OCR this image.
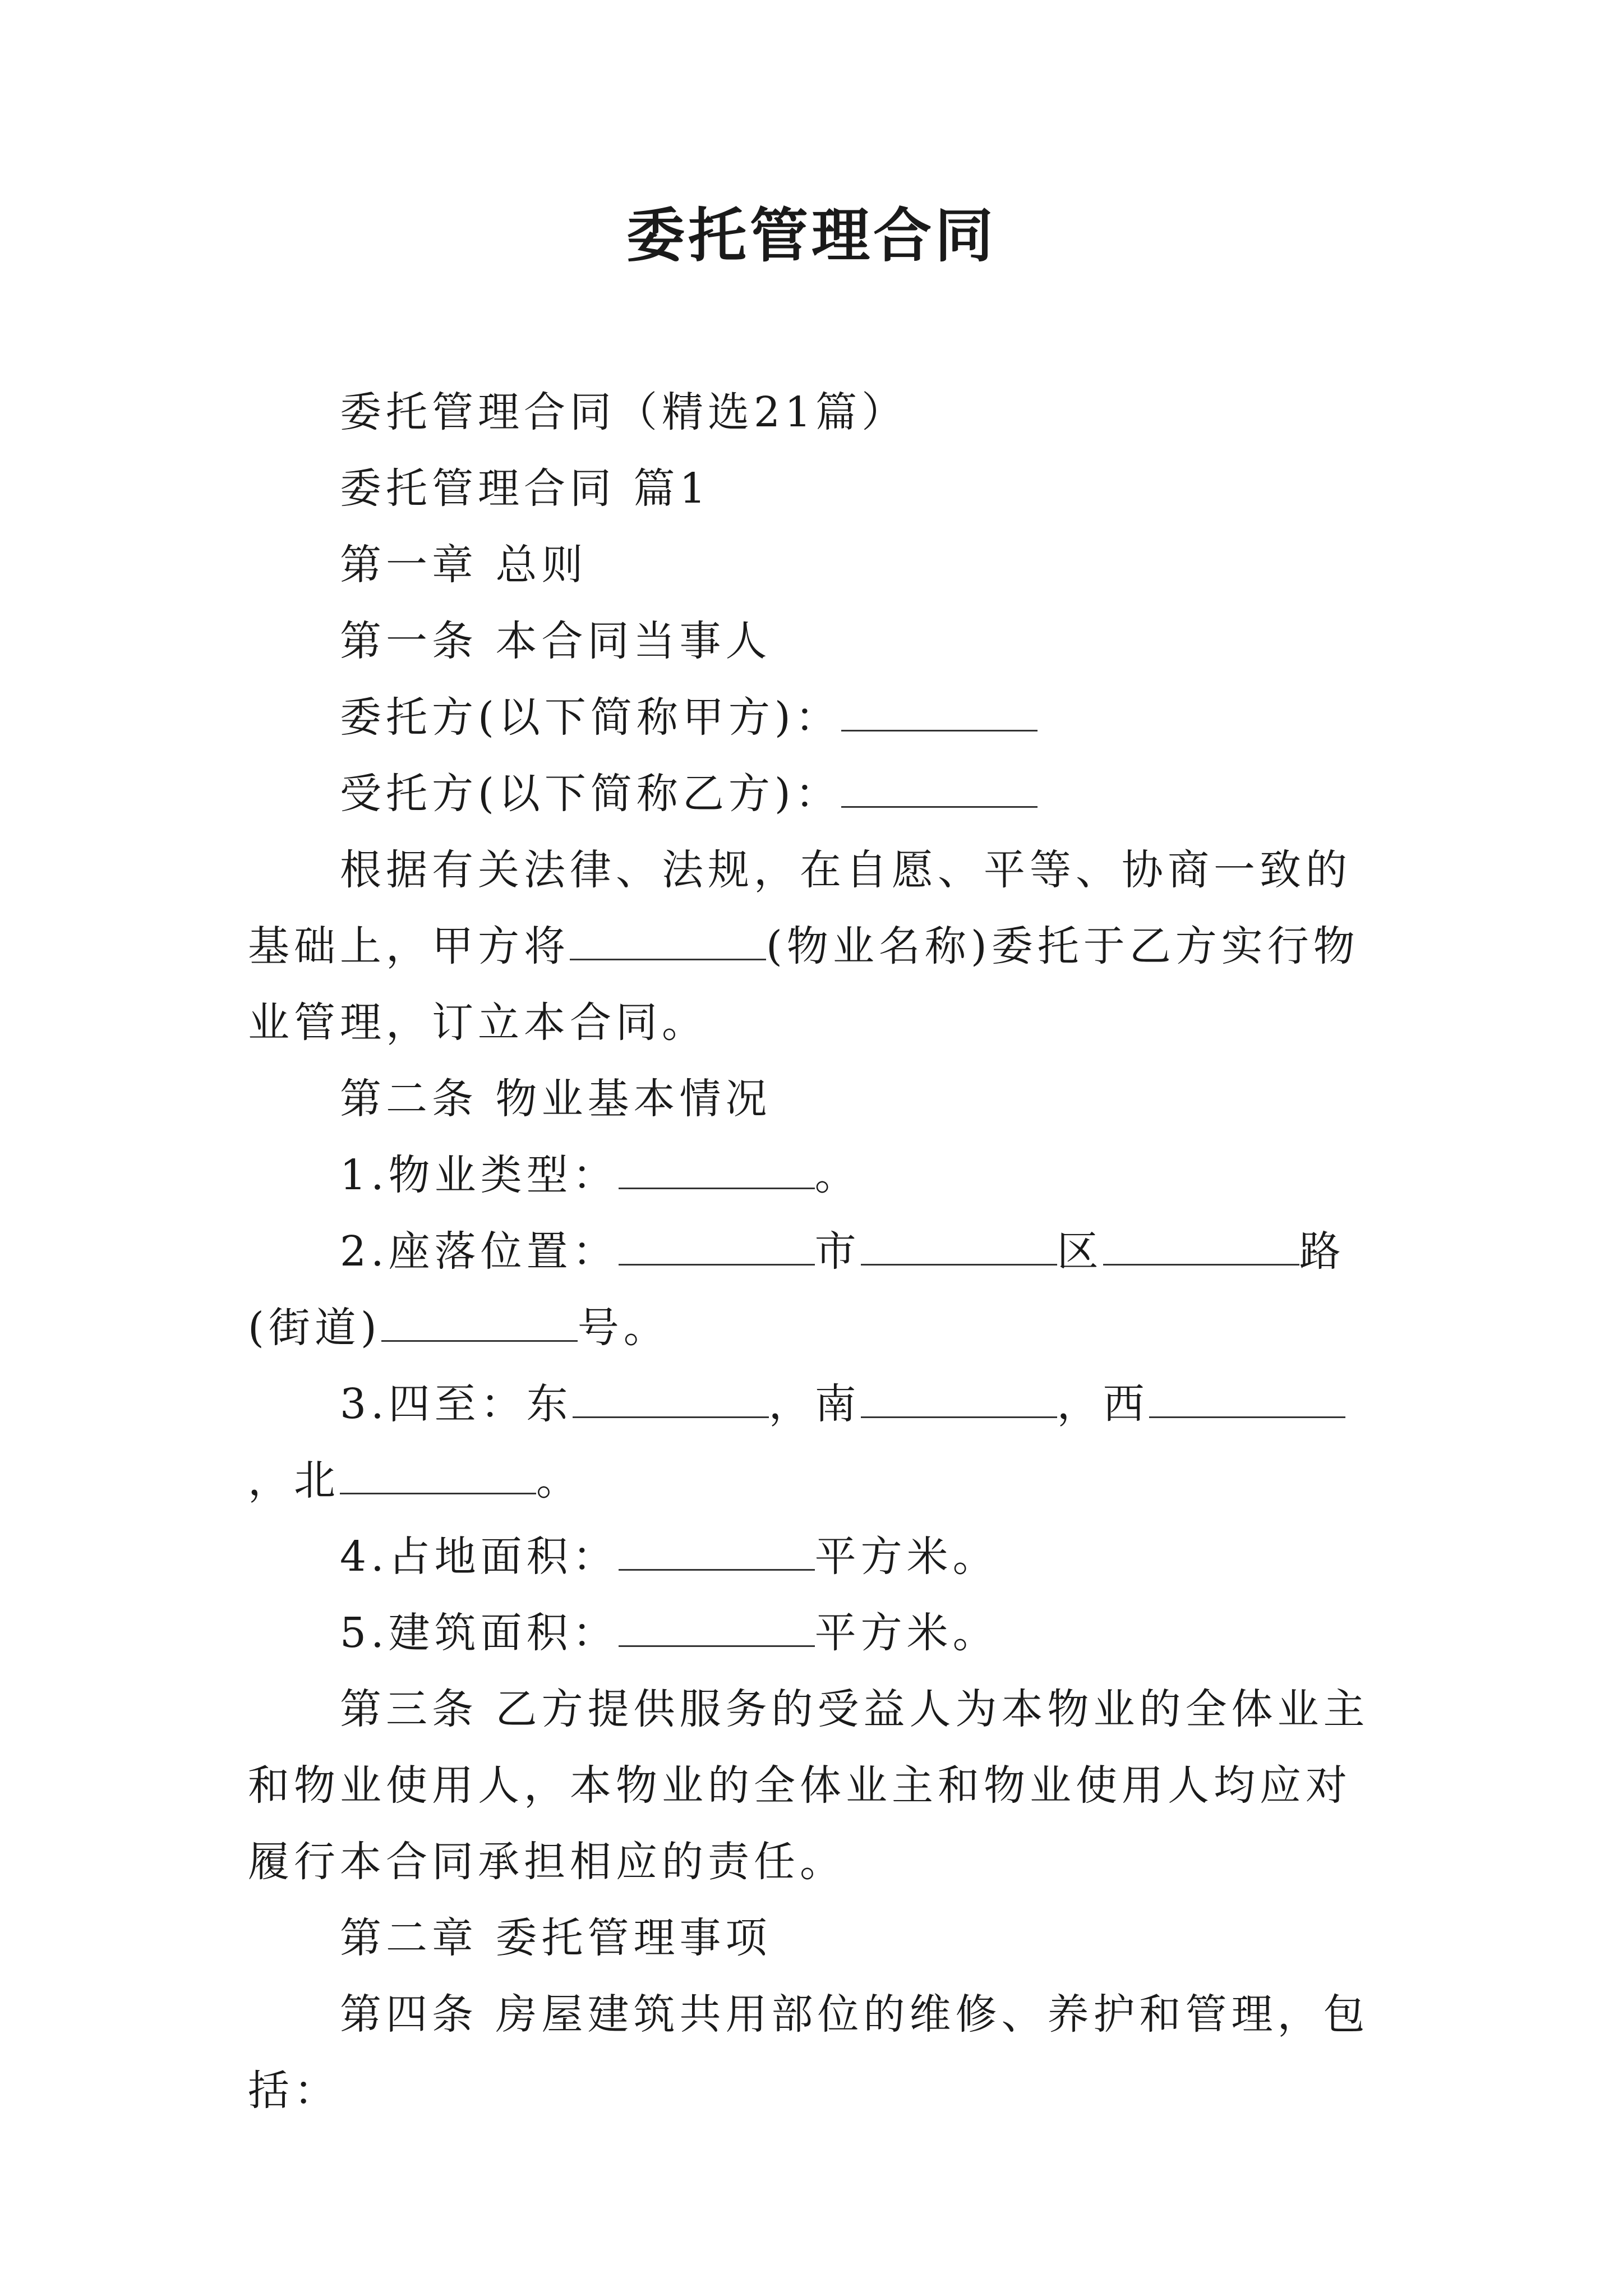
委托管理合同

委托管理合同（精选21篇）

委托管理合同 篇1

第一章 总则

第一条 本合同当事人

委托方(以下简称甲方)：

受托方(以下简称乙方)：

根据有关法律、法规，在自愿、平等、协商一致的基础上，甲方将	(物业名称)委托于乙方实行物业管理，订立本合同。

第二条 物业基本情况

1.物业类型：	。

2.座落位置：	市	区	路(街道)	号。

3.四至：东	，南	，西，北	。

4.占地面积：	平方米。

5.建筑面积：	平方米。

第三条 乙方提供服务的受益人为本物业的全体业主和物业使用人，本物业的全体业主和物业使用人均应对履行本合同承担相应的责任。

第二章 委托管理事项

第四条 房屋建筑共用部位的维修、养护和管理，包括：
